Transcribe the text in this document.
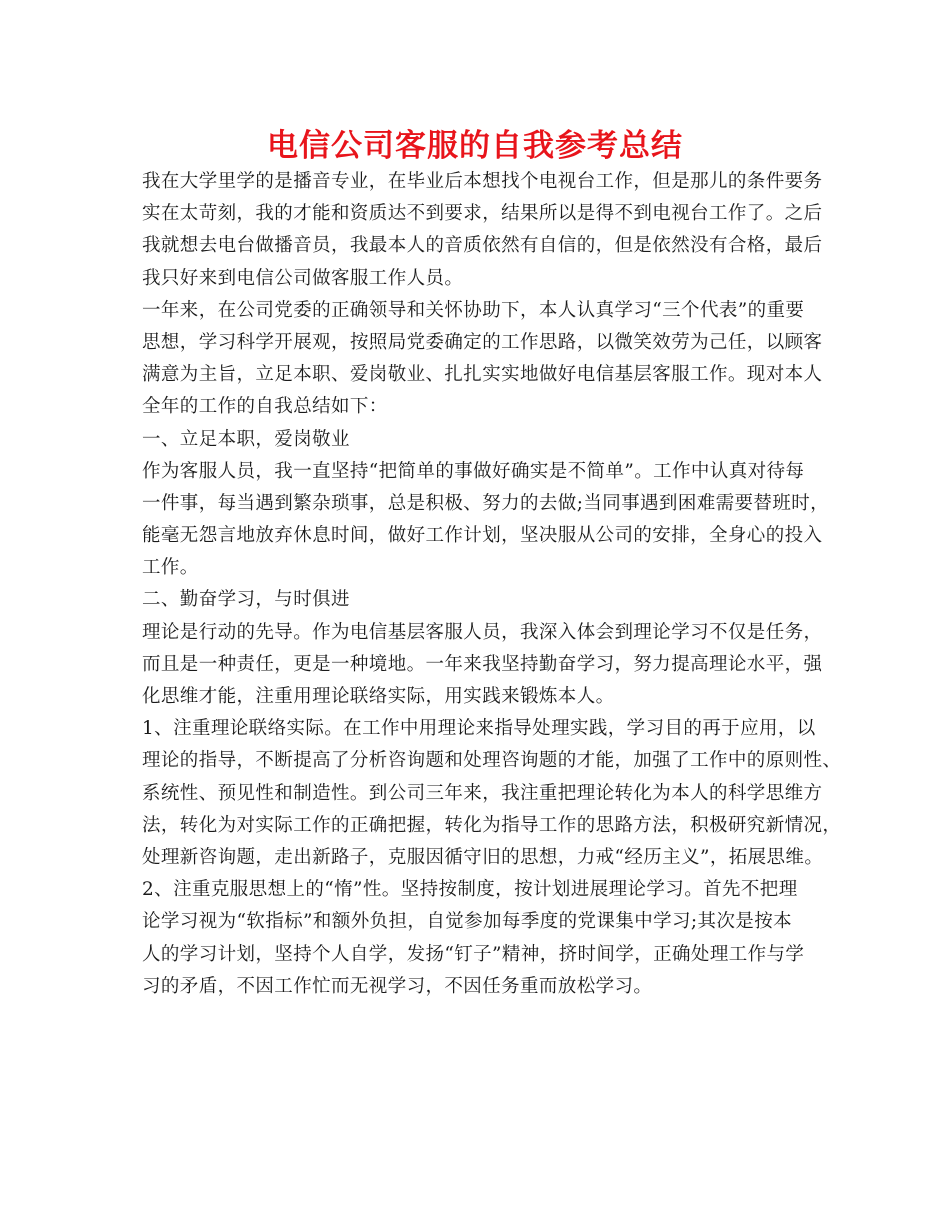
电信公司客服的自我参考总结
我在大学里学的是播音专业，在毕业后本想找个电视台工作，但是那儿的条件要务
实在太苛刻，我的才能和资质达不到要求，结果所以是得不到电视台工作了。之后
我就想去电台做播音员，我最本人的音质依然有自信的，但是依然没有合格，最后
我只好来到电信公司做客服工作人员。
一年来，在公司党委的正确领导和关怀协助下，本人认真学习“三个代表”的重要
思想，学习科学开展观，按照局党委确定的工作思路，以微笑效劳为己任，以顾客
满意为主旨，立足本职、爱岗敬业、扎扎实实地做好电信基层客服工作。现对本人
全年的工作的自我总结如下：
一、立足本职，爱岗敬业
作为客服人员，我一直坚持“把简单的事做好确实是不简单”。工作中认真对待每
一件事，每当遇到繁杂琐事，总是积极、努力的去做;当同事遇到困难需要替班时，
能毫无怨言地放弃休息时间，做好工作计划，坚决服从公司的安排，全身心的投入
工作。
二、勤奋学习，与时俱进
理论是行动的先导。作为电信基层客服人员，我深入体会到理论学习不仅是任务，
而且是一种责任，更是一种境地。一年来我坚持勤奋学习，努力提高理论水平，强
化思维才能，注重用理论联络实际，用实践来锻炼本人。
1、注重理论联络实际。在工作中用理论来指导处理实践，学习目的再于应用，以
理论的指导，不断提高了分析咨询题和处理咨询题的才能，加强了工作中的原则性、
系统性、预见性和制造性。到公司三年来，我注重把理论转化为本人的科学思维方
法，转化为对实际工作的正确把握，转化为指导工作的思路方法，积极研究新情况，
处理新咨询题，走出新路子，克服因循守旧的思想，力戒“经历主义”，拓展思维。
2、注重克服思想上的“惰”性。坚持按制度，按计划进展理论学习。首先不把理
论学习视为“软指标”和额外负担，自觉参加每季度的党课集中学习;其次是按本
人的学习计划，坚持个人自学，发扬“钉子”精神，挤时间学，正确处理工作与学
习的矛盾，不因工作忙而无视学习，不因任务重而放松学习。
